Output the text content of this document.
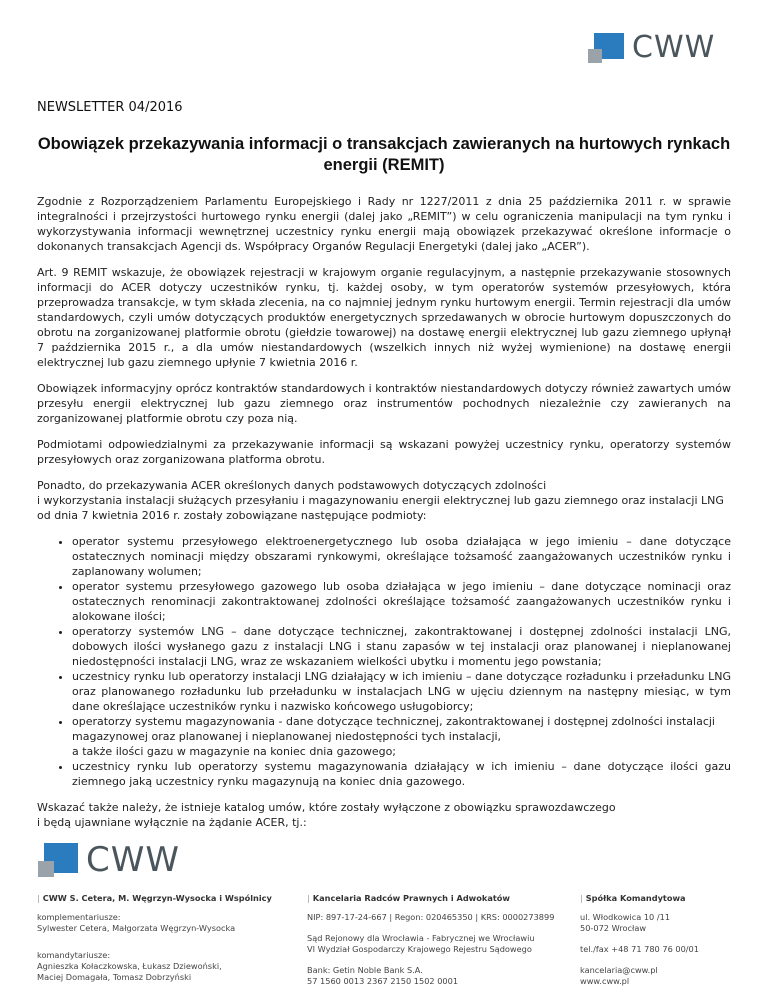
CWW
NEWSLETTER 04/2016
Obowiązek przekazywania informacji o transakcjach zawieranych na hurtowych rynkach energii (REMIT)

Zgodnie z Rozporządzeniem Parlamentu Europejskiego i Rady nr 1227/2011 z dnia 25 października 2011 r. w sprawie integralności i przejrzystości hurtowego rynku energii (dalej jako „REMIT”) w celu ograniczenia manipulacji na tym rynku i wykorzystywania informacji wewnętrznej uczestnicy rynku energii mają obowiązek przekazywać określone informacje o dokonanych transakcjach Agencji ds. Współpracy Organów Regulacji Energetyki (dalej jako „ACER”).

Art. 9 REMIT wskazuje, że obowiązek rejestracji w krajowym organie regulacyjnym, a następnie przekazywanie stosownych informacji do ACER dotyczy uczestników rynku, tj. każdej osoby, w tym operatorów systemów przesyłowych, która przeprowadza transakcje, w tym składa zlecenia, na co najmniej jednym rynku hurtowym energii. Termin rejestracji dla umów standardowych, czyli umów dotyczących produktów energetycznych sprzedawanych w obrocie hurtowym dopuszczonych do obrotu na zorganizowanej platformie obrotu (giełdzie towarowej) na dostawę energii elektrycznej lub gazu ziemnego upłynął 7 października 2015 r., a dla umów niestandardowych (wszelkich innych niż wyżej wymienione) na dostawę energii elektrycznej lub gazu ziemnego upłynie 7 kwietnia 2016 r.

Obowiązek informacyjny oprócz kontraktów standardowych i kontraktów niestandardowych dotyczy również zawartych umów przesyłu energii elektrycznej lub gazu ziemnego oraz instrumentów pochodnych niezależnie czy zawieranych na zorganizowanej platformie obrotu czy poza nią.

Podmiotami odpowiedzialnymi za przekazywanie informacji są wskazani powyżej uczestnicy rynku, operatorzy systemów przesyłowych oraz zorganizowana platforma obrotu.

Ponadto, do przekazywania ACER określonych danych podstawowych dotyczących zdolności
i wykorzystania instalacji służących przesyłaniu i magazynowaniu energii elektrycznej lub gazu ziemnego oraz instalacji LNG od dnia 7 kwietnia 2016 r. zostały zobowiązane następujące podmioty:

• operator systemu przesyłowego elektroenergetycznego lub osoba działająca w jego imieniu – dane dotyczące ostatecznych nominacji między obszarami rynkowymi, określające tożsamość zaangażowanych uczestników rynku i zaplanowany wolumen;
• operator systemu przesyłowego gazowego lub osoba działająca w jego imieniu – dane dotyczące nominacji oraz ostatecznych renominacji zakontraktowanej zdolności określające tożsamość zaangażowanych uczestników rynku i alokowane ilości;
• operatorzy systemów LNG – dane dotyczące technicznej, zakontraktowanej i dostępnej zdolności instalacji LNG, dobowych ilości wysłanego gazu z instalacji LNG i stanu zapasów w tej instalacji oraz planowanej i nieplanowanej niedostępności instalacji LNG, wraz ze wskazaniem wielkości ubytku i momentu jego powstania;
• uczestnicy rynku lub operatorzy instalacji LNG działający w ich imieniu – dane dotyczące rozładunku i przeładunku LNG oraz planowanego rozładunku lub przeładunku w instalacjach LNG w ujęciu dziennym na następny miesiąc, w tym dane określające uczestników rynku i nazwisko końcowego usługobiorcy;
• operatorzy systemu magazynowania - dane dotyczące technicznej, zakontraktowanej i dostępnej zdolności instalacji magazynowej oraz planowanej i nieplanowanej niedostępności tych instalacji,
a także ilości gazu w magazynie na koniec dnia gazowego;
• uczestnicy rynku lub operatorzy systemu magazynowania działający w ich imieniu – dane dotyczące ilości gazu ziemnego jaką uczestnicy rynku magazynują na koniec dnia gazowego.

Wskazać także należy, że istnieje katalog umów, które zostały wyłączone z obowiązku sprawozdawczego
i będą ujawniane wyłącznie na żądanie ACER, tj.:

CWW
| CWW S. Cetera, M. Węgrzyn-Wysocka i Wspólnicy
komplementariusze:
Sylwester Cetera, Małgorzata Węgrzyn-Wysocka
komandytariusze:
Agnieszka Kołaczkowska, Łukasz Dziewoński,
Maciej Domagała, Tomasz Dobrzyński
| Kancelaria Radców Prawnych i Adwokatów
NIP: 897-17-24-667 | Regon: 020465350 | KRS: 0000273899
Sąd Rejonowy dla Wrocławia - Fabrycznej we Wrocławiu
VI Wydział Gospodarczy Krajowego Rejestru Sądowego
Bank: Getin Noble Bank S.A.
57 1560 0013 2367 2150 1502 0001
| Spółka Komandytowa
ul. Włodkowica 10 /11
50-072 Wrocław
tel./fax +48 71 780 76 00/01
kancelaria@cww.pl
www.cww.pl
